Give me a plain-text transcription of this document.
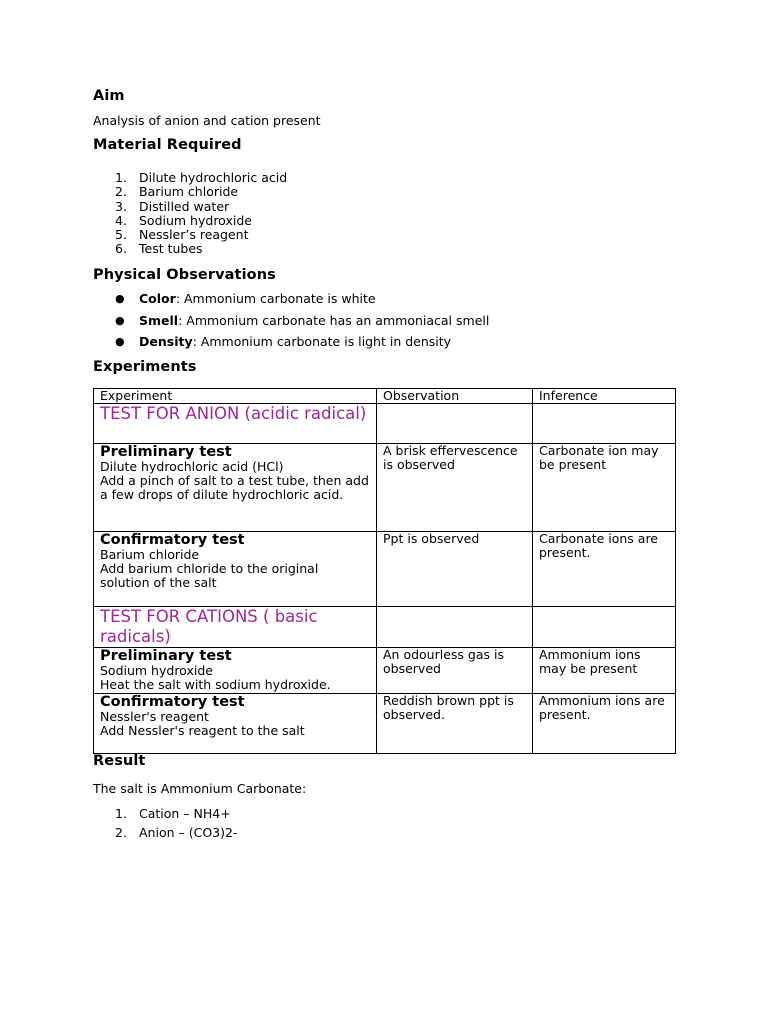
Aim

Analysis of anion and cation present

Material Required
1. Dilute hydrochloric acid
2. Barium chloride
3. Distilled water
4. Sodium hydroxide
5. Nessler’s reagent
6. Test tubes
Physical Observations
● Color: Ammonium carbonate is white
● Smell: Ammonium carbonate has an ammoniacal smell
● Density: Ammonium carbonate is light in density
Experiments
Experiment	Observation	Inference
TEST FOR ANION (acidic radical)		

Preliminary test
Dilute hydrochloric acid (HCl)
Add a pinch of salt to a test tube, then add a few drops of dilute hydrochloric acid.	A brisk effervescence is observed	Carbonate ion may be present

Confirmatory test
Barium chloride
Add barium chloride to the original solution of the salt	Ppt is observed	Carbonate ions are present.

TEST FOR CATIONS ( basic radicals)		

Preliminary test
Sodium hydroxide
Heat the salt with sodium hydroxide.	An odourless gas is observed	Ammonium ions may be present

Confirmatory test
Nessler's reagent
Add Nessler's reagent to the salt	Reddish brown ppt is observed.	Ammonium ions are present.
Result

The salt is Ammonium Carbonate:

1. Cation – NH4+
2. Anion – (CO3)2-
